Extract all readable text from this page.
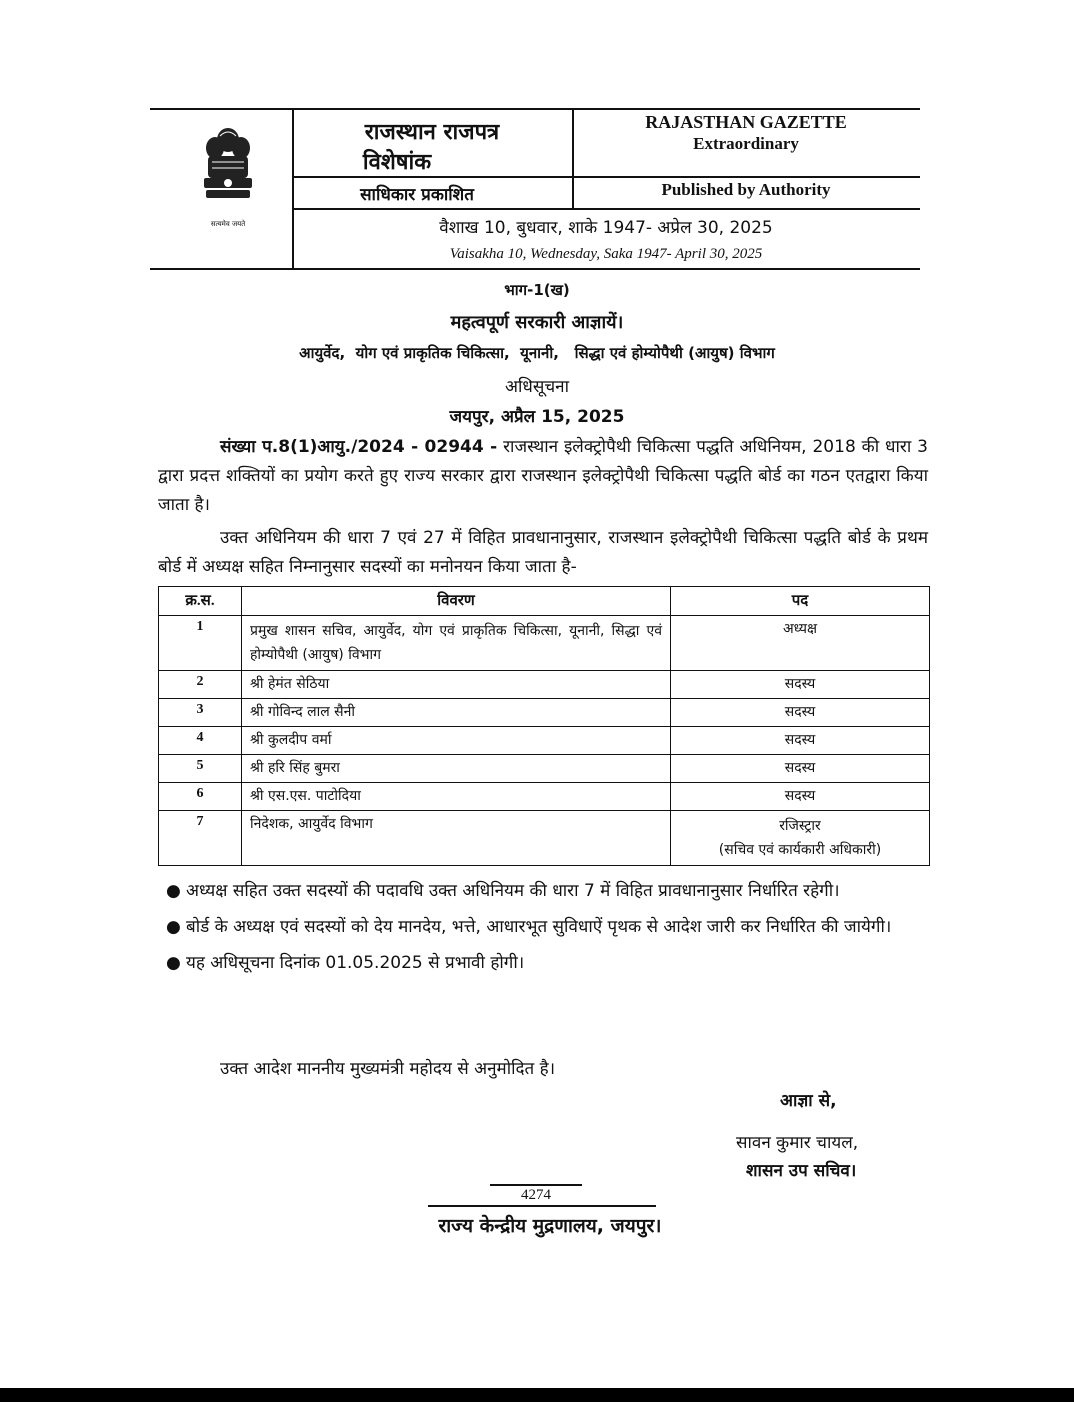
सत्यमेव जयते
राजस्थान राजपत्र
विशेषांक
RAJASTHAN GAZETTE
Extraordinary
साधिकार प्रकाशित	Published by Authority
वैशाख 10, बुधवार, शाके 1947- अप्रेल 30, 2025
Vaisakha 10, Wednesday, Saka 1947- April 30, 2025
भाग-1(ख)
महत्वपूर्ण सरकारी आज्ञायें।
आयुर्वेद,  योग एवं प्राकृतिक चिकित्सा,  यूनानी,   सिद्धा एवं होम्योपैथी (आयुष) विभाग
अधिसूचना
जयपुर, अप्रैल 15, 2025
संख्या प.8(1)आयु./2024 - 02944 - राजस्थान इलेक्ट्रोपैथी चिकित्सा पद्धति अधिनियम, 2018 की धारा 3 द्वारा प्रदत्त शक्तियों का प्रयोग करते हुए राज्य सरकार द्वारा राजस्थान इलेक्ट्रोपैथी चिकित्सा पद्धति बोर्ड का गठन एतद्वारा किया जाता है।
उक्त अधिनियम की धारा 7 एवं 27 में विहित प्रावधानानुसार, राजस्थान इलेक्ट्रोपैथी चिकित्सा पद्धति बोर्ड के प्रथम बोर्ड में अध्यक्ष सहित निम्नानुसार सदस्यों का मनोनयन किया जाता है-
क्र.स.	विवरण	पद
1	प्रमुख शासन सचिव, आयुर्वेद, योग एवं प्राकृतिक चिकित्सा, यूनानी, सिद्धा एवं होम्योपैथी (आयुष) विभाग	अध्यक्ष
2	श्री हेमंत सेठिया	सदस्य
3	श्री गोविन्द लाल सैनी	सदस्य
4	श्री कुलदीप वर्मा	सदस्य
5	श्री हरि सिंह बुमरा	सदस्य
6	श्री एस.एस. पाटोदिया	सदस्य
7	निदेशक, आयुर्वेद विभाग	रजिस्ट्रार
(सचिव एवं कार्यकारी अधिकारी)
● अध्यक्ष सहित उक्त सदस्यों की पदावधि उक्त अधिनियम की धारा 7 में विहित प्रावधानानुसार निर्धारित रहेगी।
● बोर्ड के अध्यक्ष एवं सदस्यों को देय मानदेय, भत्ते, आधारभूत सुविधाऐं पृथक से आदेश जारी कर निर्धारित की जायेगी।
● यह अधिसूचना दिनांक 01.05.2025 से प्रभावी होगी।
उक्त आदेश माननीय मुख्यमंत्री महोदय से अनुमोदित है।
आज्ञा से,
सावन कुमार चायल,
शासन उप सचिव।
4274
राज्य केन्द्रीय मुद्रणालय, जयपुर।
